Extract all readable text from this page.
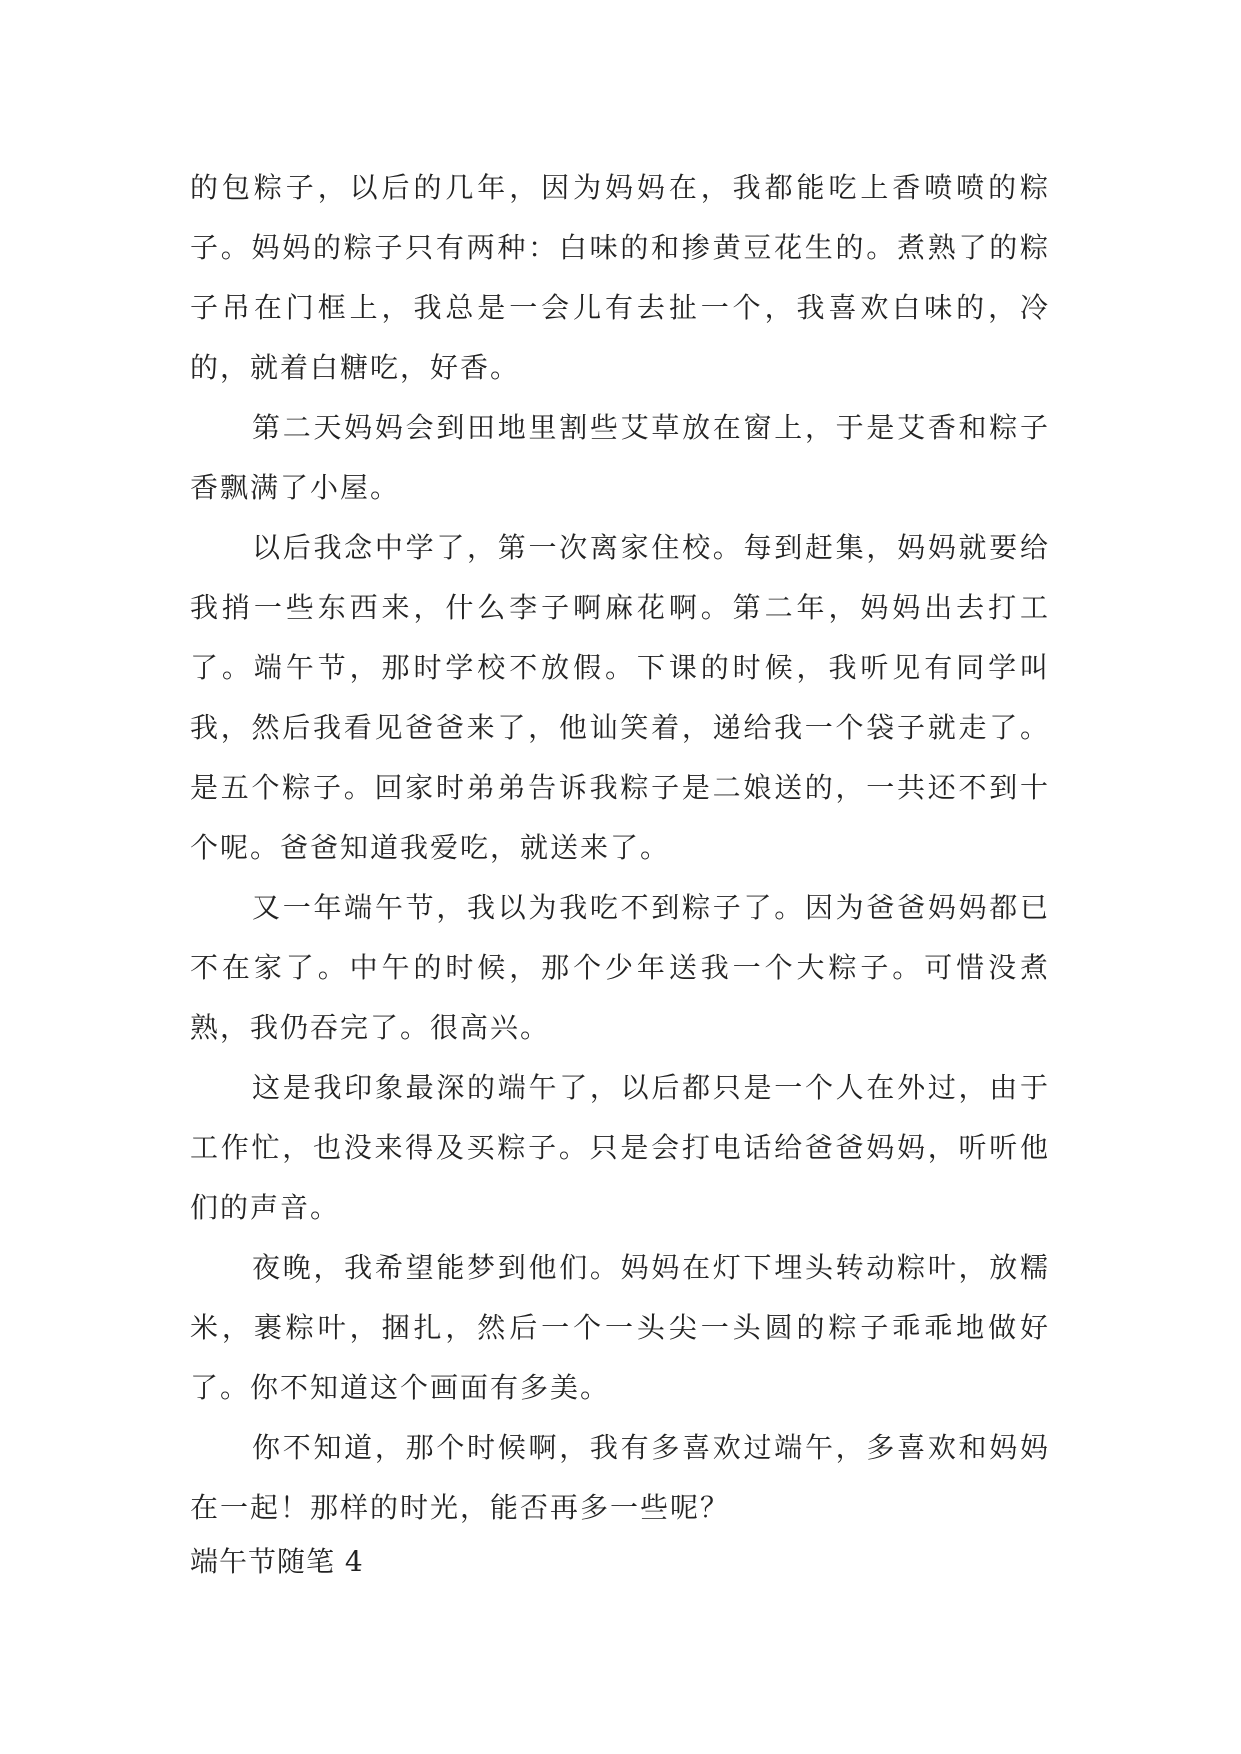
的包粽子，以后的几年，因为妈妈在，我都能吃上香喷喷的粽子。妈妈的粽子只有两种：白味的和掺黄豆花生的。煮熟了的粽子吊在门框上，我总是一会儿有去扯一个，我喜欢白味的，冷的，就着白糖吃，好香。

第二天妈妈会到田地里割些艾草放在窗上，于是艾香和粽子香飘满了小屋。

以后我念中学了，第一次离家住校。每到赶集，妈妈就要给我捎一些东西来，什么李子啊麻花啊。第二年，妈妈出去打工了。端午节，那时学校不放假。下课的时候，我听见有同学叫我，然后我看见爸爸来了，他讪笑着，递给我一个袋子就走了。是五个粽子。回家时弟弟告诉我粽子是二娘送的，一共还不到十个呢。爸爸知道我爱吃，就送来了。

又一年端午节，我以为我吃不到粽子了。因为爸爸妈妈都已不在家了。中午的时候，那个少年送我一个大粽子。可惜没煮熟，我仍吞完了。很高兴。

这是我印象最深的端午了，以后都只是一个人在外过，由于工作忙，也没来得及买粽子。只是会打电话给爸爸妈妈，听听他们的声音。

夜晚，我希望能梦到他们。妈妈在灯下埋头转动粽叶，放糯米，裹粽叶，捆扎，然后一个一头尖一头圆的粽子乖乖地做好了。你不知道这个画面有多美。

你不知道，那个时候啊，我有多喜欢过端午，多喜欢和妈妈在一起！那样的时光，能否再多一些呢？

端午节随笔 4
